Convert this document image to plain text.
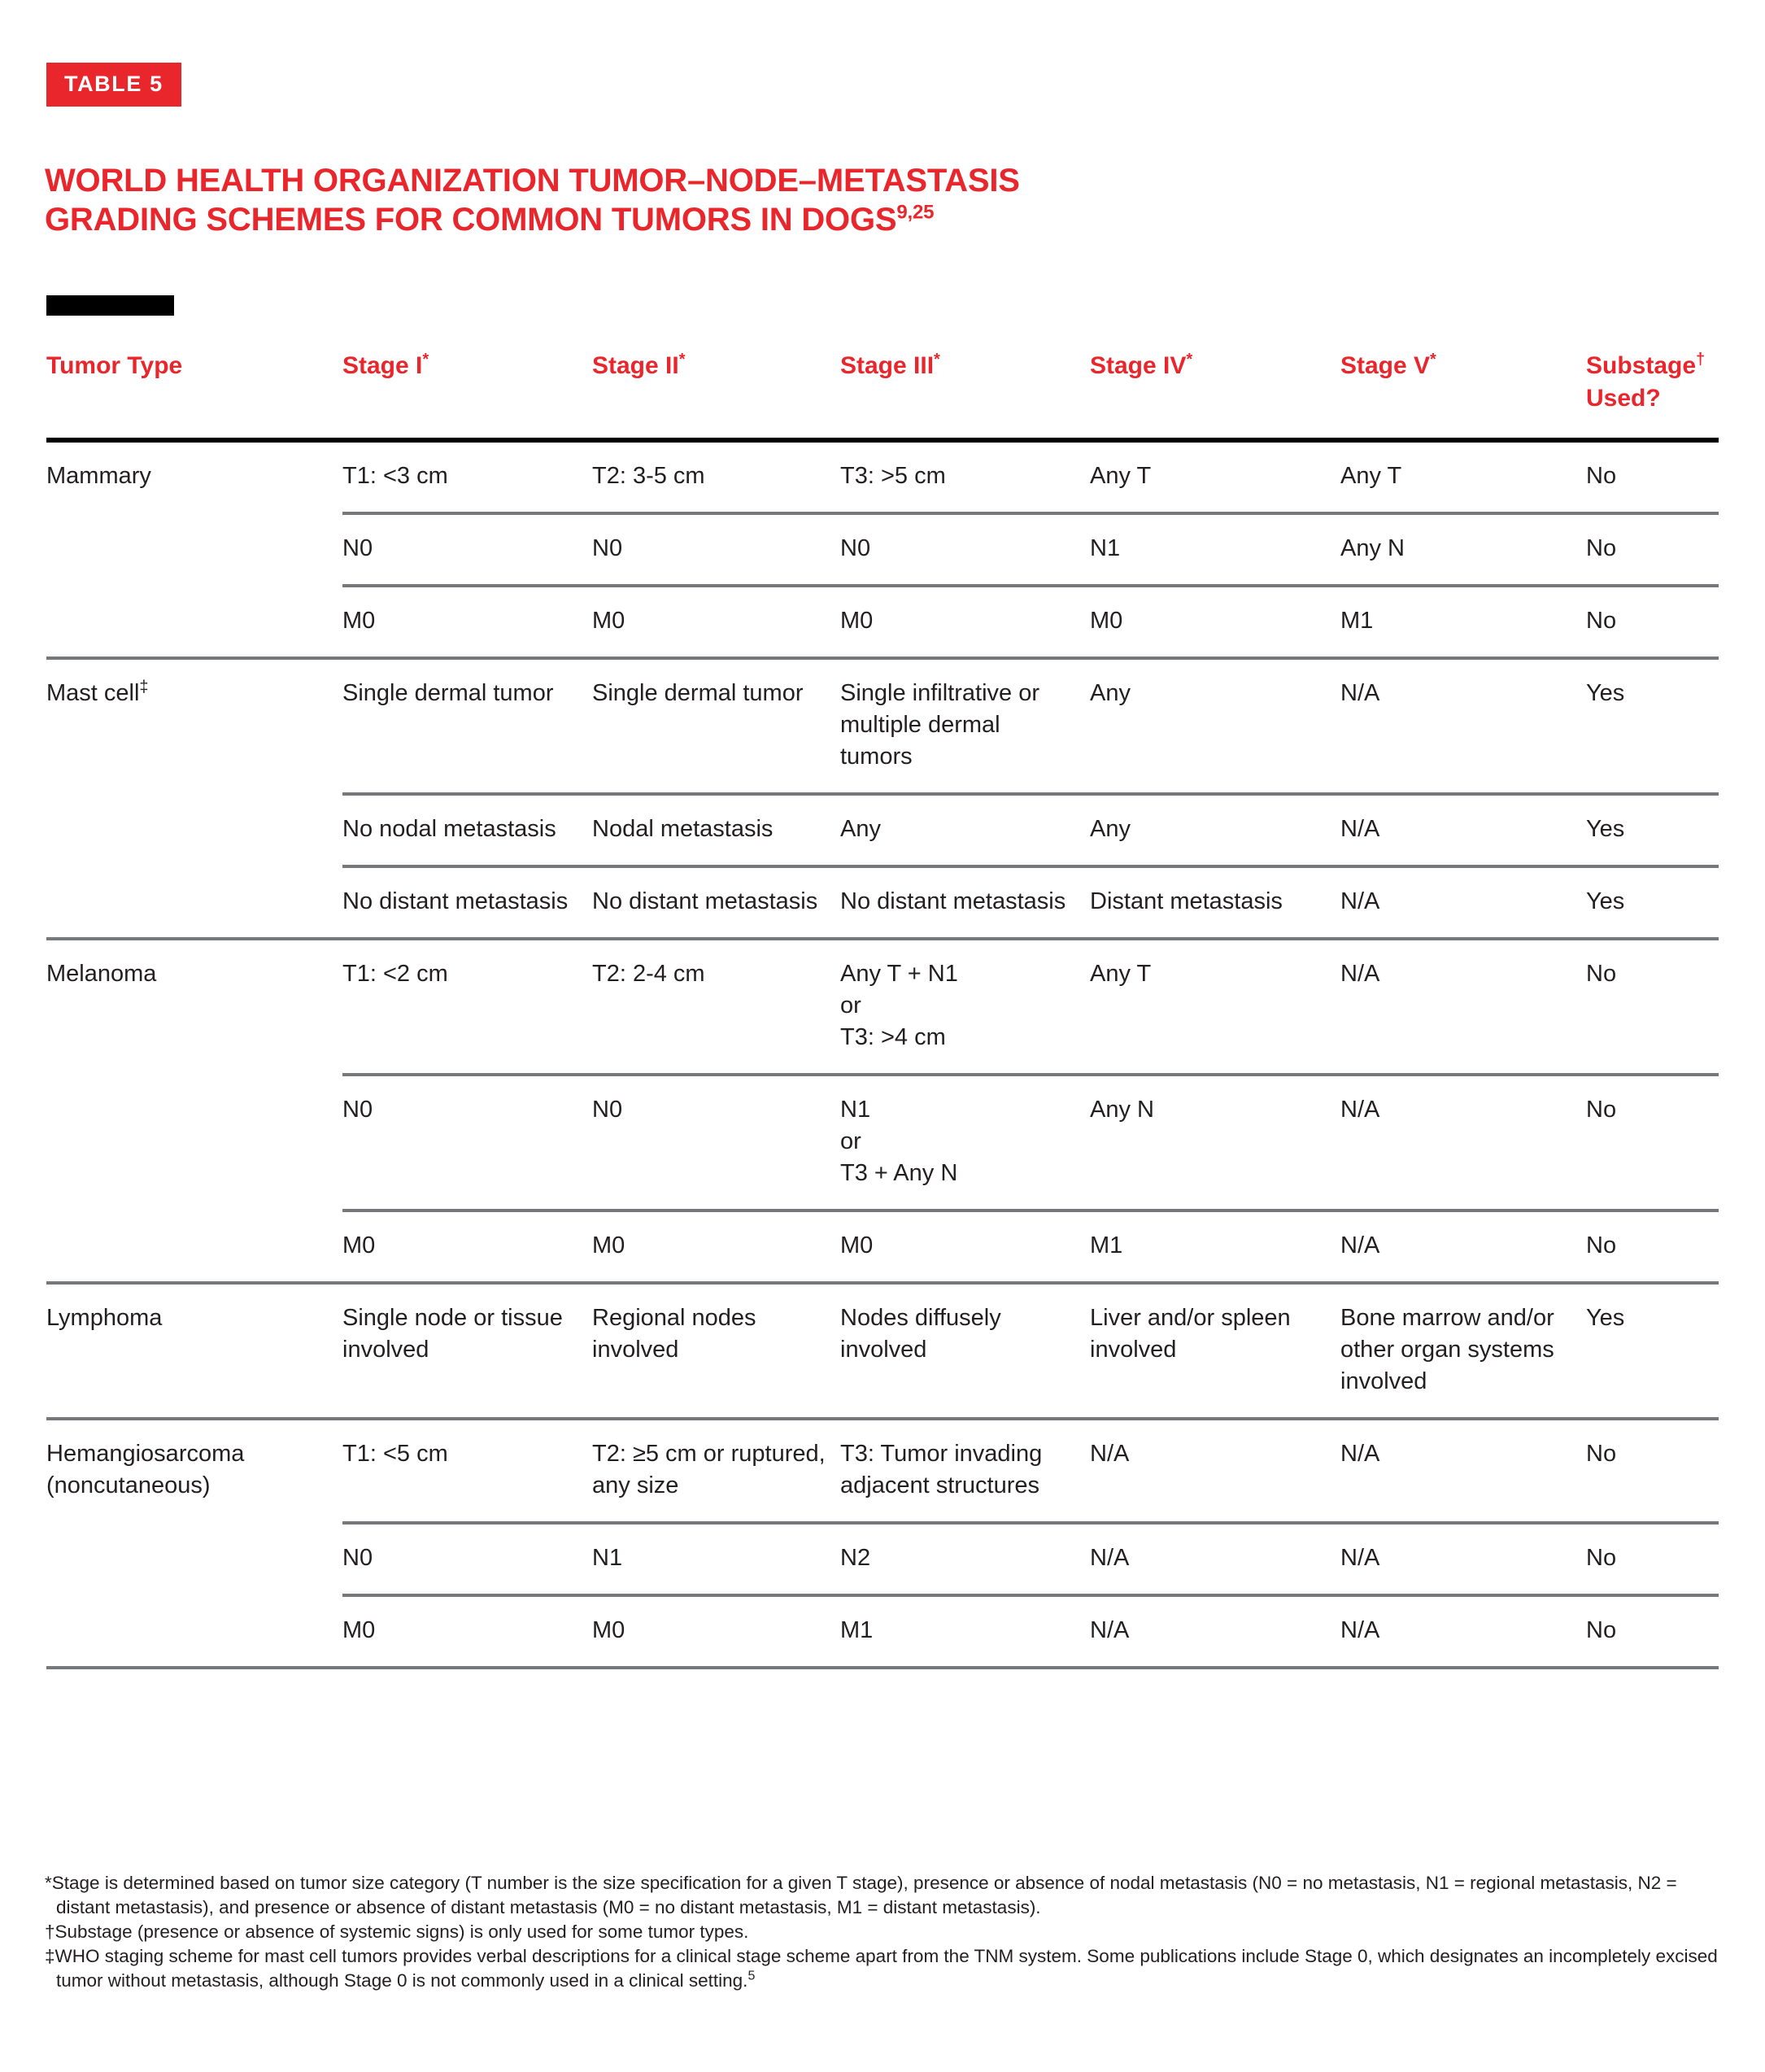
TABLE 5
WORLD HEALTH ORGANIZATION TUMOR–NODE–METASTASIS
GRADING SCHEMES FOR COMMON TUMORS IN DOGS$^{9,25}$
Tumor Type	Stage I*	Stage II*	Stage III*	Stage IV*	Stage V*	Substage†
Used?

Mammary	T1: <3 cm	T2: 3-5 cm	T3: >5 cm	Any T	Any T	No
	N0	N0	N0	N1	Any N	No
	M0	M0	M0	M0	M1	No

Mast cell‡	Single dermal tumor	Single dermal tumor	Single infiltrative or multiple dermal tumors	Any	N/A	Yes
	No nodal metastasis	Nodal metastasis	Any	Any	N/A	Yes
	No distant metastasis	No distant metastasis	No distant metastasis	Distant metastasis	N/A	Yes

Melanoma	T1: <2 cm	T2: 2-4 cm	Any T + N1
or
T3: >4 cm	Any T	N/A	No
	N0	N0	N1
or
T3 + Any N	Any N	N/A	No
	M0	M0	M0	M1	N/A	No

Lymphoma	Single node or tissue involved	Regional nodes involved	Nodes diffusely involved	Liver and/or spleen involved	Bone marrow and/or other organ systems involved	Yes

Hemangiosarcoma
(noncutaneous)	T1: <5 cm	T2: ≥5 cm or ruptured, any size	T3: Tumor invading adjacent structures	N/A	N/A	No
	N0	N1	N2	N/A	N/A	No
	M0	M0	M1	N/A	N/A	No

*Stage is determined based on tumor size category (T number is the size specification for a given T stage), presence or absence of nodal metastasis (N0 = no metastasis, N1 = regional metastasis, N2 = distant metastasis), and presence or absence of distant metastasis (M0 = no distant metastasis, M1 = distant metastasis).

†Substage (presence or absence of systemic signs) is only used for some tumor types.

‡WHO staging scheme for mast cell tumors provides verbal descriptions for a clinical stage scheme apart from the TNM system. Some publications include Stage 0, which designates an incompletely excised tumor without metastasis, although Stage 0 is not commonly used in a clinical setting.$^5$
